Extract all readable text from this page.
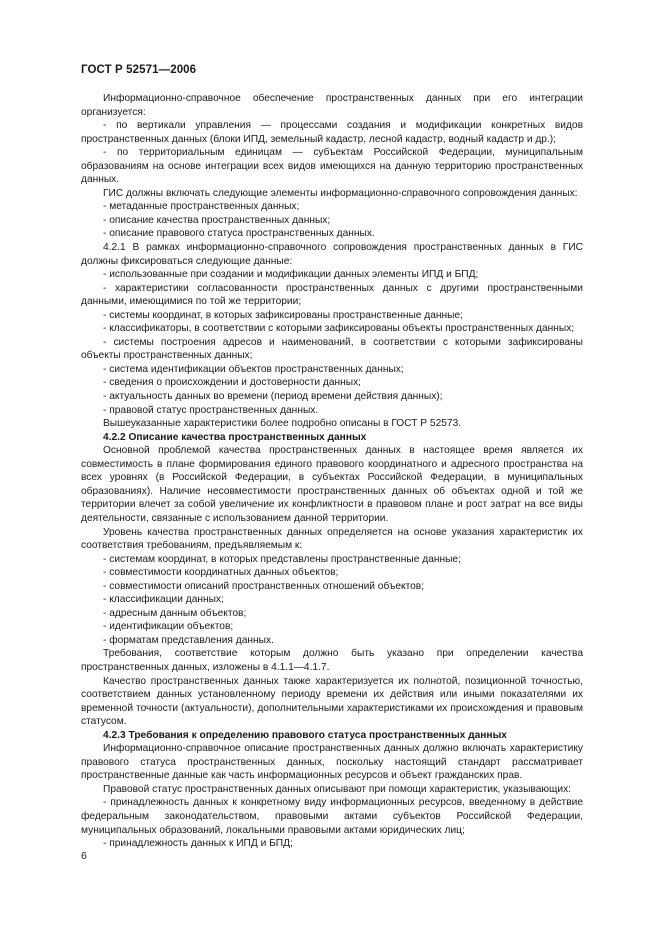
ГОСТ Р 52571—2006

Информационно-справочное обеспечение пространственных данных при его интеграции организуется:

- по вертикали управления — процессами создания и модификации конкретных видов пространственных данных (блоки ИПД, земельный кадастр, лесной кадастр, водный кадастр и др.);

- по территориальным единицам — субъектам Российской Федерации, муниципальным образованиям на основе интеграции всех видов имеющихся на данную территорию пространственных данных.

ГИС должны включать следующие элементы информационно-справочного сопровождения данных:

- метаданные пространственных данных;

- описание качества пространственных данных;

- описание правового статуса пространственных данных.

4.2.1 В рамках информационно-справочного сопровождения пространственных данных в ГИС должны фиксироваться следующие данные:

- использованные при создании и модификации данных элементы ИПД и БПД;

- характеристики согласованности пространственных данных с другими пространственными данными, имеющимися по той же территории;

- системы координат, в которых зафиксированы пространственные данные;

- классификаторы, в соответствии с которыми зафиксированы объекты пространственных данных;

- системы построения адресов и наименований, в соответствии с которыми зафиксированы объекты пространственных данных;

- система идентификации объектов пространственных данных;

- сведения о происхождении и достоверности данных;

- актуальность данных во времени (период времени действия данных);

- правовой статус пространственных данных.

Вышеуказанные характеристики более подробно описаны в ГОСТ Р 52573.

4.2.2 Описание качества пространственных данных

Основной проблемой качества пространственных данных в настоящее время является их совместимость в плане формирования единого правового координатного и адресного пространства на всех уровнях (в Российской Федерации, в субъектах Российской Федерации, в муниципальных образованиях). Наличие несовместимости пространственных данных об объектах одной и той же территории влечет за собой увеличение их конфликтности в правовом плане и рост затрат на все виды деятельности, связанные с использованием данной территории.

Уровень качества пространственных данных определяется на основе указания характеристик их соответствия требованиям, предъявляемым к:

- системам координат, в которых представлены пространственные данные;

- совместимости координатных данных объектов;

- совместимости описаний пространственных отношений объектов;

- классификации данных;

- адресным данным объектов;

- идентификации объектов;

- форматам представления данных.

Требования, соответствие которым должно быть указано при определении качества пространственных данных, изложены в 4.1.1—4.1.7.

Качество пространственных данных также характеризуется их полнотой, позиционной точностью, соответствием данных установленному периоду времени их действия или иными показателями их временной точности (актуальности), дополнительными характеристиками их происхождения и правовым статусом.

4.2.3 Требования к определению правового статуса пространственных данных

Информационно-справочное описание пространственных данных должно включать характеристику правового статуса пространственных данных, поскольку настоящий стандарт рассматривает пространственные данные как часть информационных ресурсов и объект гражданских прав.

Правовой статус пространственных данных описывают при помощи характеристик, указывающих:

- принадлежность данных к конкретному виду информационных ресурсов, введенному в действие федеральным законодательством, правовыми актами субъектов Российской Федерации, муниципальных образований, локальными правовыми актами юридических лиц;

- принадлежность данных к ИПД и БПД;

6
